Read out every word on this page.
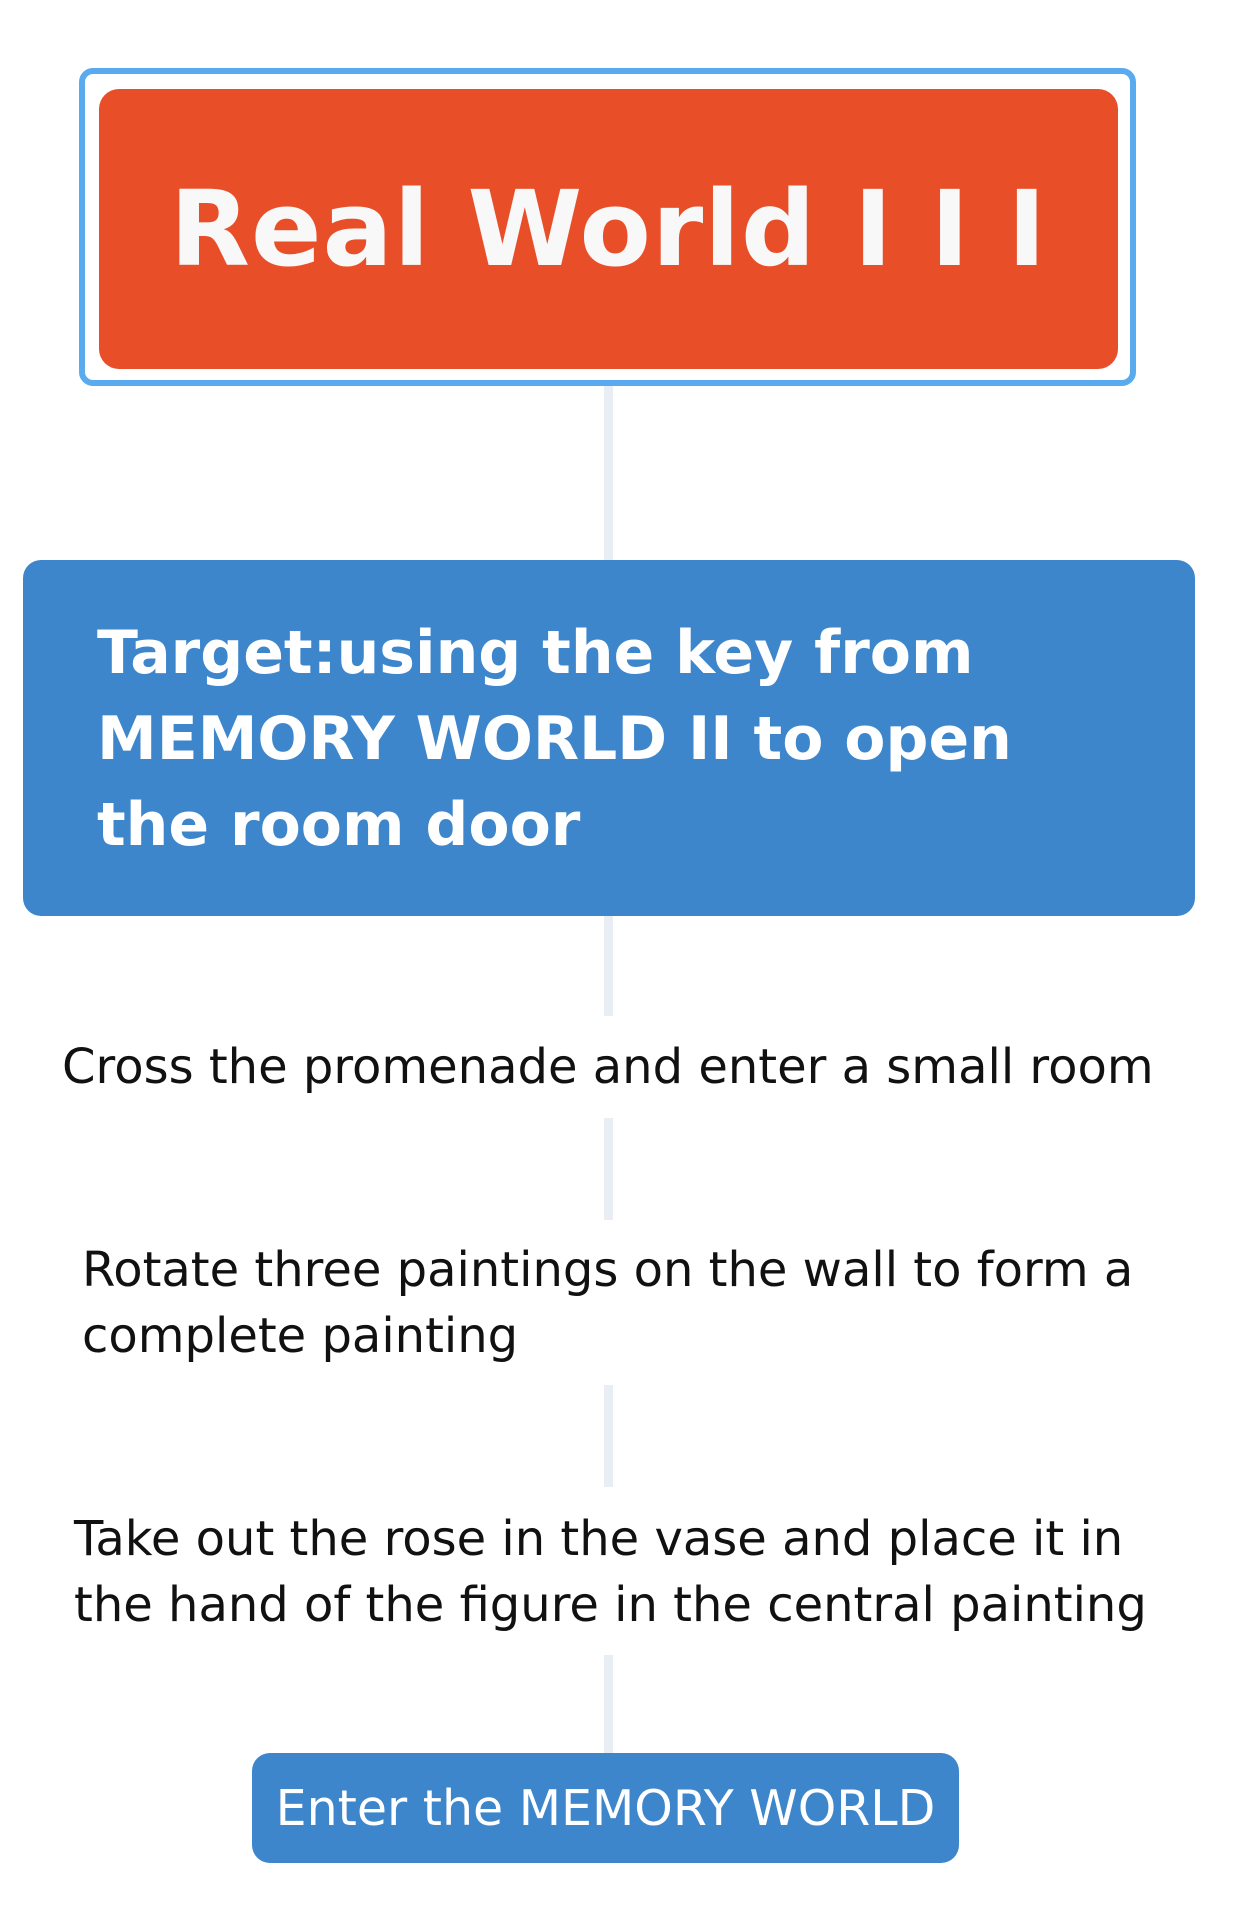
Real World I I I
Target:using the key from MEMORY WORLD II to open the room door
Cross the promenade and enter a small room
Rotate three paintings on the wall to form a complete painting
Take out the rose in the vase and place it in the hand of the figure in the central painting
Enter the MEMORY WORLD
